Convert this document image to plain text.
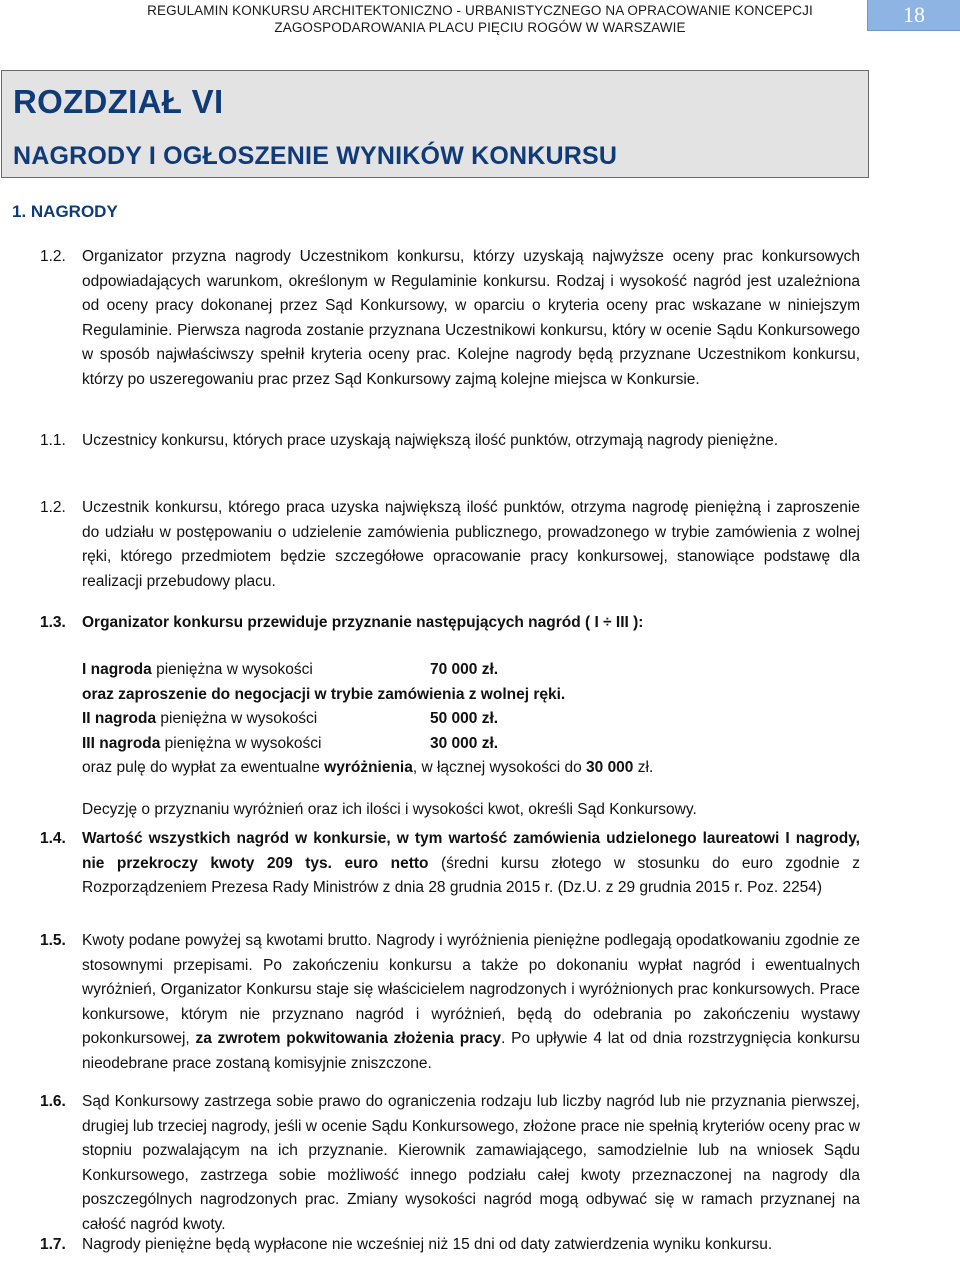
REGULAMIN KONKURSU ARCHITEKTONICZNO - URBANISTYCZNEGO NA OPRACOWANIE KONCEPCJI
ZAGOSPODAROWANIA PLACU PIĘCIU ROGÓW W WARSZAWIE
18
ROZDZIAŁ VI
NAGRODY I OGŁOSZENIE WYNIKÓW KONKURSU
1. NAGRODY
1.2.	Organizator przyzna nagrody Uczestnikom konkursu, którzy uzyskają najwyższe oceny prac konkursowych odpowiadających warunkom, określonym w Regulaminie konkursu. Rodzaj i wysokość nagród jest uzależniona od oceny pracy dokonanej przez Sąd Konkursowy, w oparciu o kryteria oceny prac wskazane w niniejszym Regulaminie. Pierwsza nagroda zostanie przyznana Uczestnikowi konkursu, który w ocenie Sądu Konkursowego w sposób najwłaściwszy spełnił kryteria oceny prac. Kolejne nagrody będą przyznane Uczestnikom konkursu, którzy po uszeregowaniu prac przez Sąd Konkursowy zajmą kolejne miejsca w Konkursie.
1.1.	Uczestnicy konkursu, których prace uzyskają największą ilość punktów, otrzymają nagrody pieniężne.
1.2.	Uczestnik konkursu, którego praca uzyska największą ilość punktów, otrzyma nagrodę pieniężną i zaproszenie do udziału w postępowaniu o udzielenie zamówienia publicznego, prowadzonego w trybie zamówienia z wolnej ręki, którego przedmiotem będzie szczegółowe opracowanie pracy konkursowej, stanowiące podstawę dla realizacji przebudowy placu.
1.3.	Organizator konkursu przewiduje przyznanie następujących nagród ( I ÷ III ):
I nagroda pieniężna w wysokości	70 000 zł.
oraz zaproszenie do negocjacji w trybie zamówienia z wolnej ręki.
II nagroda pieniężna w wysokości	50 000 zł.
III nagroda pieniężna w wysokości	30 000 zł.
oraz pulę do wypłat za ewentualne wyróżnienia, w łącznej wysokości do 30 000 zł.
Decyzję o przyznaniu wyróżnień oraz ich ilości i wysokości kwot, określi Sąd Konkursowy.
1.4.	Wartość wszystkich nagród w konkursie, w tym wartość zamówienia udzielonego laureatowi I nagrody, nie przekroczy kwoty 209 tys. euro netto (średni kursu złotego w stosunku do euro zgodnie z Rozporządzeniem Prezesa Rady Ministrów z dnia 28 grudnia 2015 r. (Dz.U. z 29 grudnia 2015 r. Poz. 2254)
1.5.	Kwoty podane powyżej są kwotami brutto. Nagrody i wyróżnienia pieniężne podlegają opodatkowaniu zgodnie ze stosownymi przepisami. Po zakończeniu konkursu a także po dokonaniu wypłat nagród i ewentualnych wyróżnień, Organizator Konkursu staje się właścicielem nagrodzonych i wyróżnionych prac konkursowych. Prace konkursowe, którym nie przyznano nagród i wyróżnień, będą do odebrania po zakończeniu wystawy pokonkursowej, za zwrotem pokwitowania złożenia pracy. Po upływie 4 lat od dnia rozstrzygnięcia konkursu nieodebrane prace zostaną komisyjnie zniszczone.
1.6.	Sąd Konkursowy zastrzega sobie prawo do ograniczenia rodzaju lub liczby nagród lub nie przyznania pierwszej, drugiej lub trzeciej nagrody, jeśli w ocenie Sądu Konkursowego, złożone prace nie spełnią kryteriów oceny prac w stopniu pozwalającym na ich przyznanie. Kierownik zamawiającego, samodzielnie lub na wniosek Sądu Konkursowego, zastrzega sobie możliwość innego podziału całej kwoty przeznaczonej na nagrody dla poszczególnych nagrodzonych prac. Zmiany wysokości nagród mogą odbywać się w ramach przyznanej na całość nagród kwoty.
1.7.	Nagrody pieniężne będą wypłacone nie wcześniej niż 15 dni od daty zatwierdzenia wyniku konkursu.
